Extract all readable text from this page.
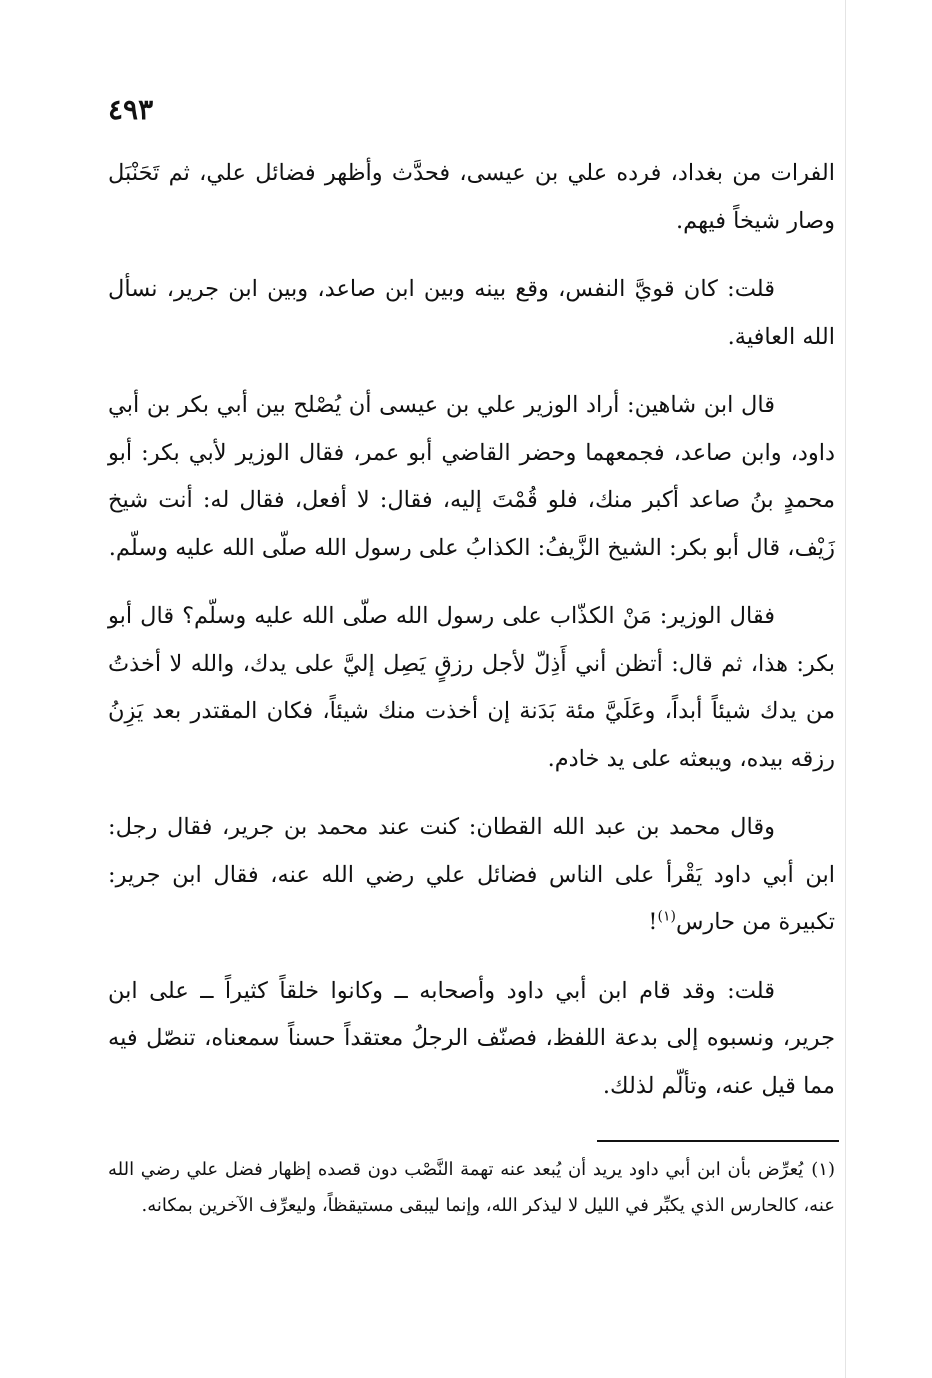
٤٩٣

الفرات من بغداد، فرده علي بن عيسى، فحدَّث وأظهر فضائل علي، ثم تَحَنْبَل وصار شيخاً فيهم.

قلت: كان قويَّ النفس، وقع بينه وبين ابن صاعد، وبين ابن جرير، نسأل الله العافية.

قال ابن شاهين: أراد الوزير علي بن عيسى أن يُصْلح بين أبي بكر بن أبي داود، وابن صاعد، فجمعهما وحضر القاضي أبو عمر، فقال الوزير لأبي بكر: أبو محمدٍ بنُ صاعد أكبر منك، فلو قُمْتَ إليه، فقال: لا أفعل، فقال له: أنت شيخ زَيْف، قال أبو بكر: الشيخ الزَّيفُ: الكذابُ على رسول الله صلّى الله عليه وسلّم.

فقال الوزير: مَنْ الكذّاب على رسول الله صلّى الله عليه وسلّم؟ قال أبو بكر: هذا، ثم قال: أتظن أني أَذِلّ لأجل رزقٍ يَصِل إليَّ على يدك، والله لا أخذتُ من يدك شيئاً أبداً، وعَلَيَّ مئة بَدَنة إن أخذت منك شيئاً، فكان المقتدر بعد يَزِنُ رزقه بيده، ويبعثه على يد خادم.

وقال محمد بن عبد الله القطان: كنت عند محمد بن جرير، فقال رجل: ابن أبي داود يَقْرأ على الناس فضائل علي رضي الله عنه، فقال ابن جرير: تكبيرة من حارس$^{(١)}$!

قلت: وقد قام ابن أبي داود وأصحابه ــ وكانوا خلقاً كثيراً ــ على ابن جرير، ونسبوه إلى بدعة اللفظ، فصنّف الرجلُ معتقداً حسناً سمعناه، تنصّل فيه مما قيل عنه، وتألّم لذلك.

(١)يُعرِّض بأن ابن أبي داود يريد أن يُبعد عنه تهمة النَّصْب دون قصده إظهار فضل علي رضي الله عنه، كالحارس الذي يكبِّر في الليل لا ليذكر الله، وإنما ليبقى مستيقظاً، وليعرِّف الآخرين بمكانه.
